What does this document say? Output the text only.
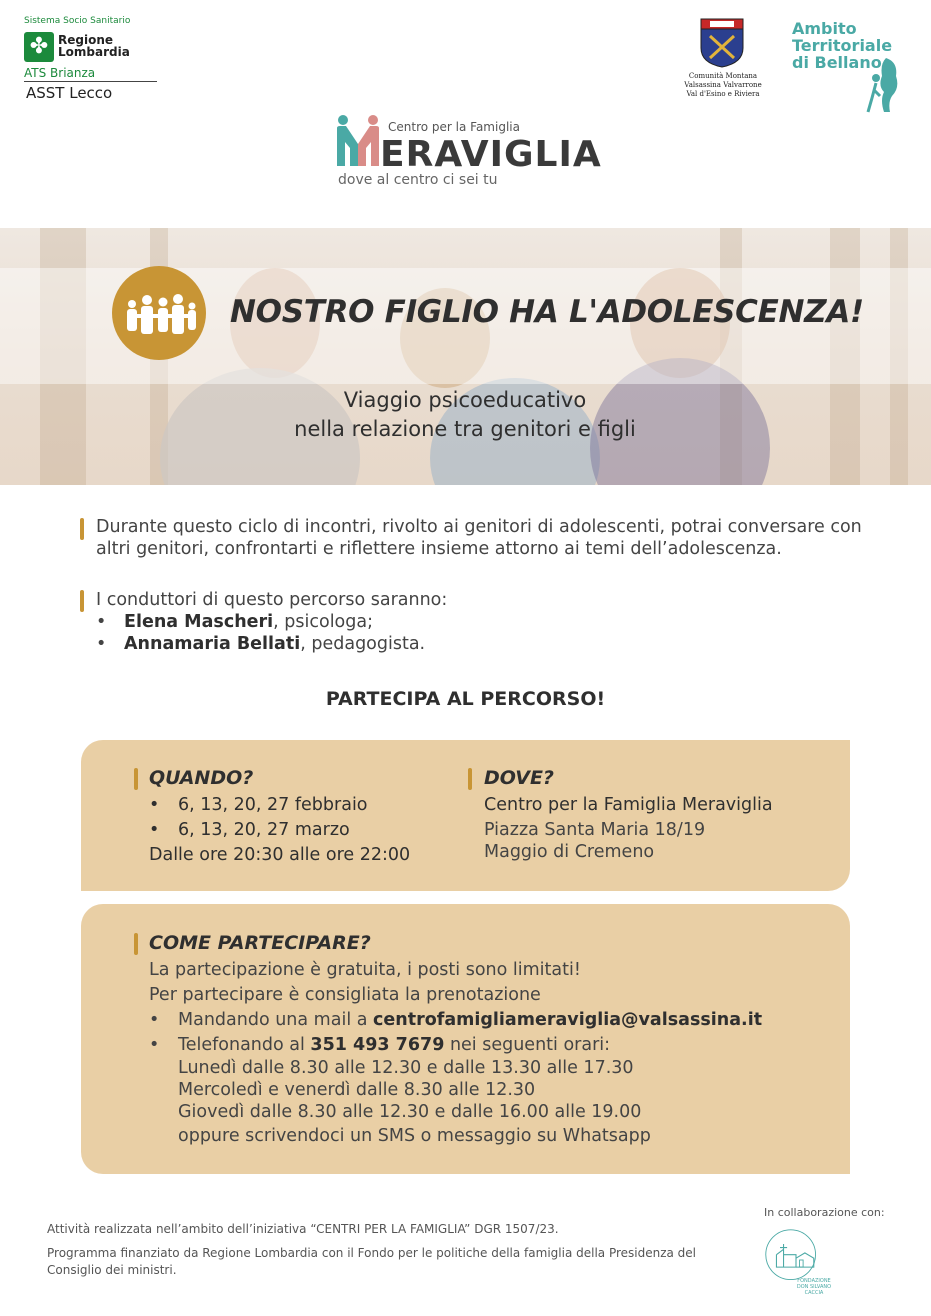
Sistema Socio Sanitario
✤ Regione
Lombardia
ATS Brianza
ASST Lecco
Comunità Montana
Valsassina Valvarrone
Val d'Esino e Riviera
Ambito
Territoriale
di Bellano
Centro per la Famiglia
ERAVIGLIA
dove al centro ci sei tu
NOSTRO FIGLIO HA L'ADOLESCENZA!
Viaggio psicoeducativo
nella relazione tra genitori e figli
Durante questo ciclo di incontri, rivolto ai genitori di adolescenti, potrai conversare con altri genitori, confrontarti e riflettere insieme attorno ai temi dell’adolescenza.
I conduttori di questo percorso saranno:
• Elena Mascheri, psicologa;
• Annamaria Bellati, pedagogista.
PARTECIPA AL PERCORSO!
QUANDO?
• 6, 13, 20, 27 febbraio
• 6, 13, 20, 27 marzo
Dalle ore 20:30 alle ore 22:00
DOVE?
Centro per la Famiglia Meraviglia
Piazza Santa Maria 18/19
Maggio di Cremeno
COME PARTECIPARE?
La partecipazione è gratuita, i posti sono limitati!
Per partecipare è consigliata la prenotazione
• Mandando una mail a centrofamigliameraviglia@valsassina.it
• Telefonando al 351 493 7679 nei seguenti orari:
Lunedì dalle 8.30 alle 12.30 e dalle 13.30 alle 17.30
Mercoledì e venerdì dalle 8.30 alle 12.30
Giovedì dalle 8.30 alle 12.30 e dalle 16.00 alle 19.00
oppure scrivendoci un SMS o messaggio su Whatsapp
Attività realizzata nell’ambito dell’iniziativa “CENTRI PER LA FAMIGLIA” DGR 1507/23.
Programma finanziato da Regione Lombardia con il Fondo per le politiche della famiglia della Presidenza del Consiglio dei ministri.
In collaborazione con:
FONDAZIONE
DON SILVANO
CACCIA
